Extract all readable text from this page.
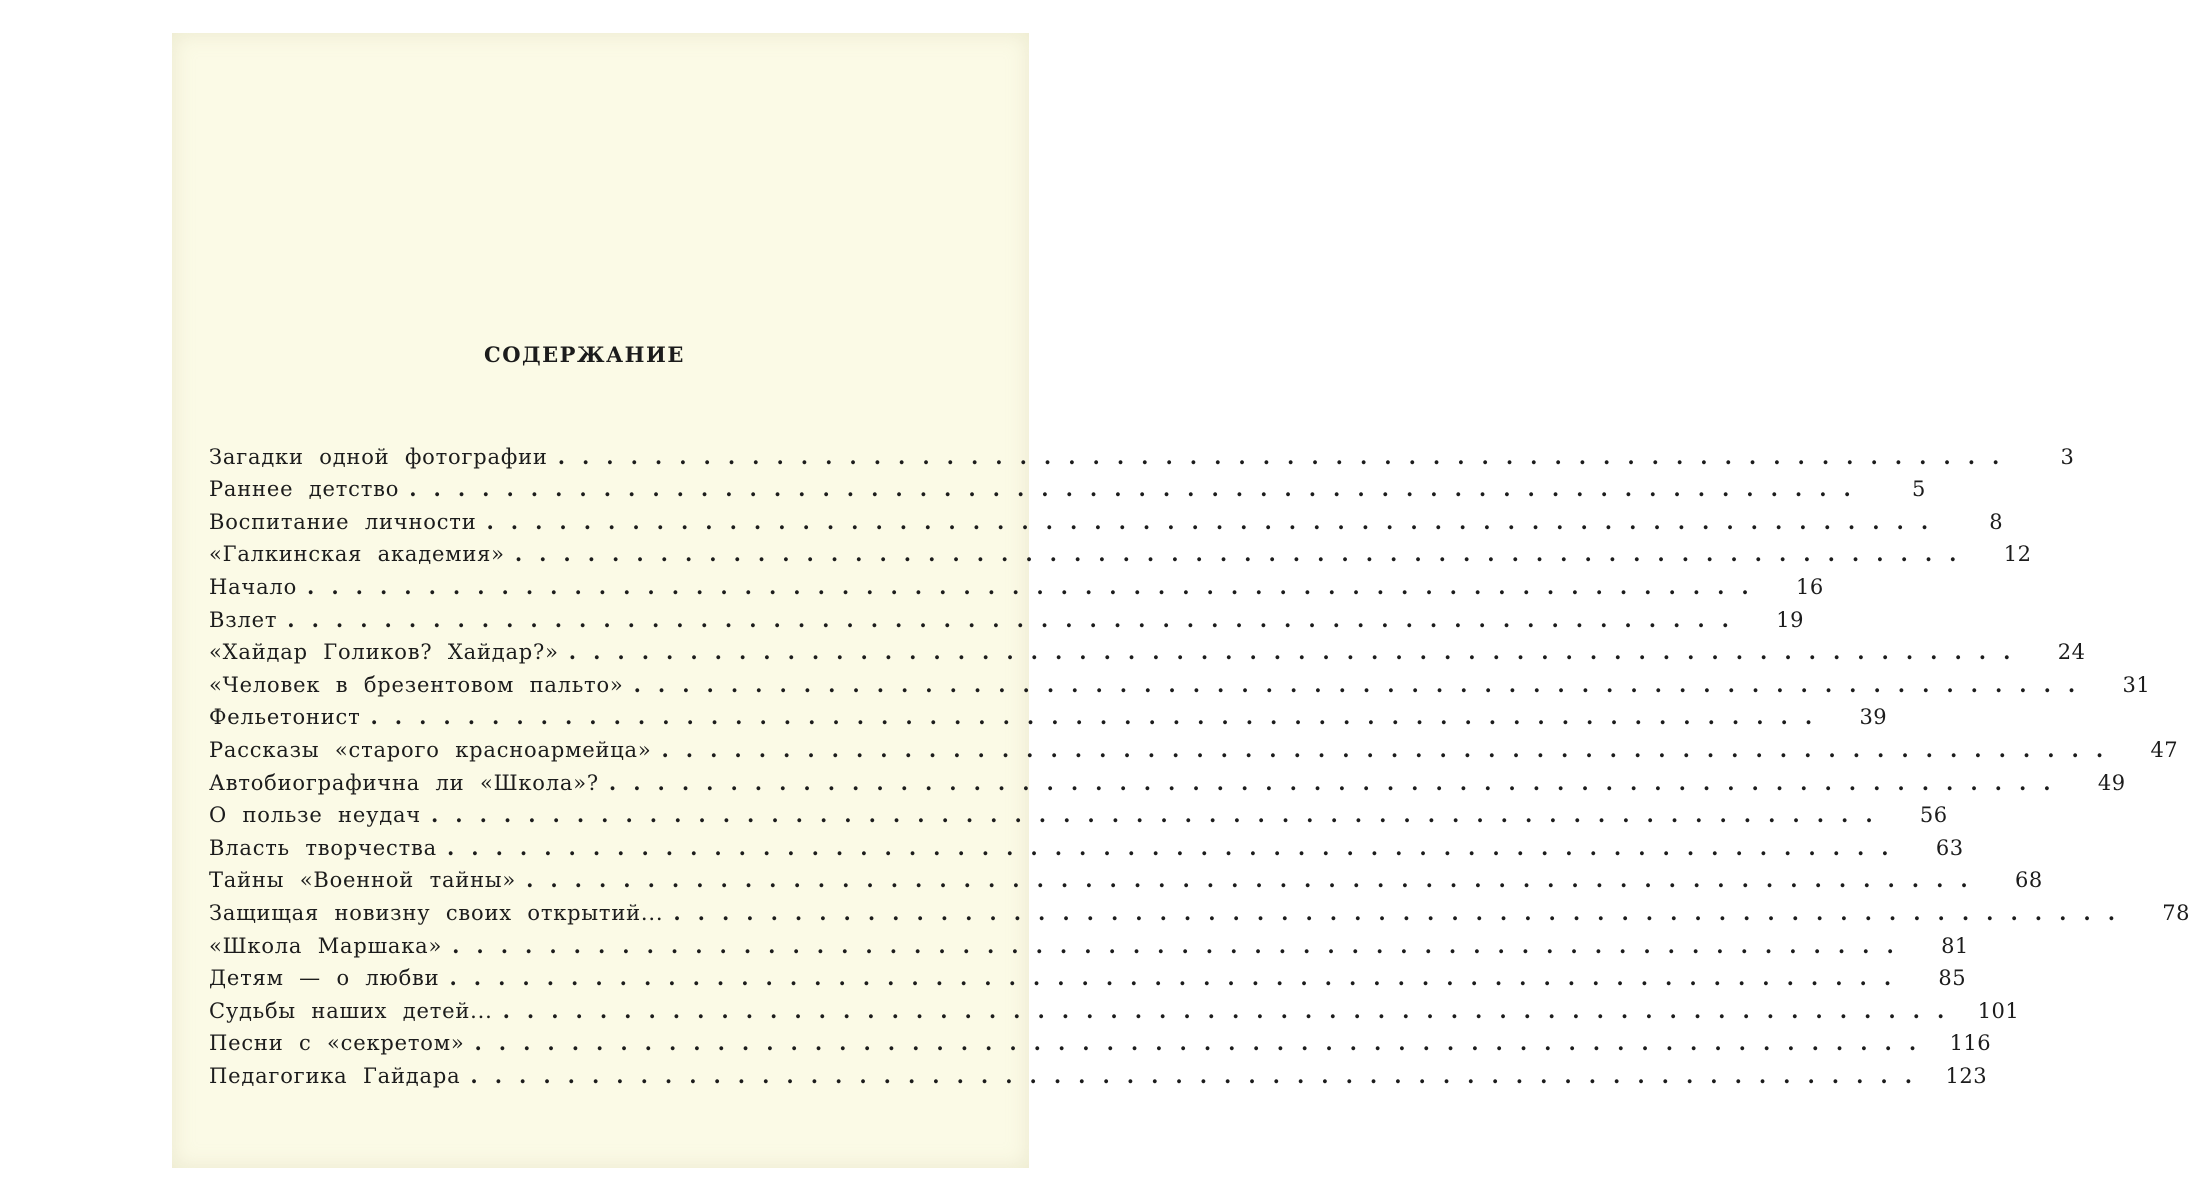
СОДЕРЖАНИЕ
Загадки одной фотографии ............................................................	3
Раннее детство ............................................................	5
Воспитание личности ............................................................	8
«Галкинская академия» ............................................................	12
Начало ............................................................	16
Взлет ............................................................	19
«Хайдар Голиков? Хайдар?» ............................................................	24
«Человек в брезентовом пальто» ............................................................	31
Фельетонист ............................................................	39
Рассказы «старого красноармейца» ............................................................	47
Автобиографична ли «Школа»? ............................................................	49
О пользе неудач ............................................................	56
Власть творчества ............................................................	63
Тайны «Военной тайны» ............................................................	68
Защищая новизну своих открытий... ............................................................	78
«Школа Маршака» ............................................................	81
Детям — о любви ............................................................	85
Судьбы наших детей... ............................................................ 101
Песни с «секретом» ............................................................ 116
Педагогика Гайдара ............................................................ 123
